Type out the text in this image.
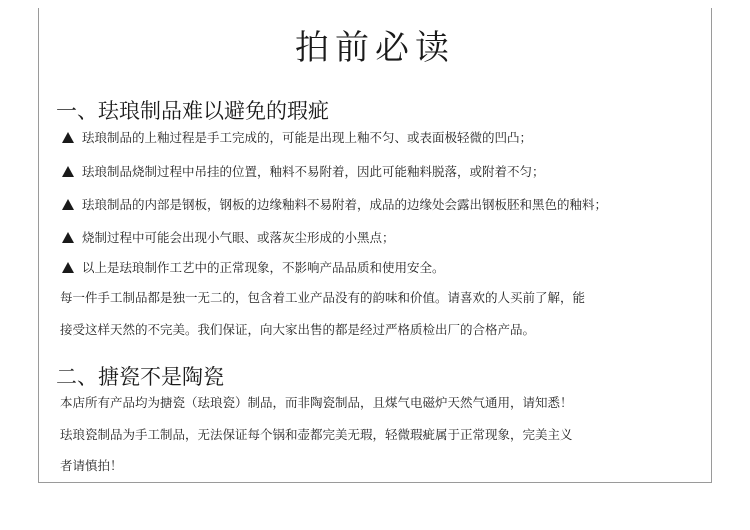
拍前必读
一、珐琅制品难以避免的瑕疵
珐琅制品的上釉过程是手工完成的，可能是出现上釉不匀、或表面极轻微的凹凸；
珐琅制品烧制过程中吊挂的位置，釉料不易附着，因此可能釉料脱落，或附着不匀；
珐琅制品的内部是钢板，钢板的边缘釉料不易附着，成品的边缘处会露出钢板胚和黑色的釉料；
烧制过程中可能会出现小气眼、或落灰尘形成的小黑点；
以上是珐琅制作工艺中的正常现象，不影响产品品质和使用安全。
每一件手工制品都是独一无二的，包含着工业产品没有的韵味和价值。请喜欢的人买前了解，能
接受这样天然的不完美。我们保证，向大家出售的都是经过严格质检出厂的合格产品。
二、搪瓷不是陶瓷
本店所有产品均为搪瓷（珐琅瓷）制品，而非陶瓷制品，且煤气电磁炉天然气通用，请知悉！
珐琅瓷制品为手工制品，无法保证每个锅和壶都完美无瑕，轻微瑕疵属于正常现象，完美主义
者请慎拍！
